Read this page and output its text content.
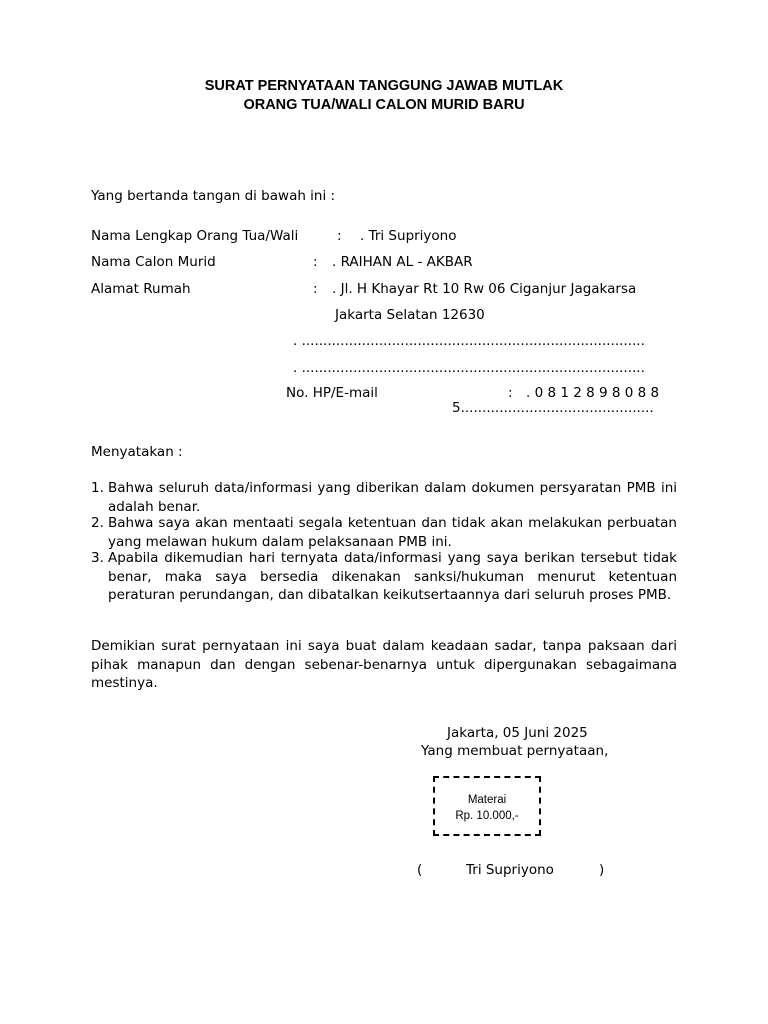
SURAT PERNYATAAN TANGGUNG JAWAB MUTLAK
ORANG TUA/WALI CALON MURID BARU
Yang bertanda tangan di bawah ini :
Nama Lengkap Orang Tua/Wali	: . Tri Supriyono
Nama Calon Murid	: . RAIHAN AL - AKBAR
Alamat Rumah	: . Jl. H Khayar Rt 10 Rw 06 Ciganjur Jagakarsa
Jakarta Selatan 12630
. ................................................................................
. ................................................................................
No. HP/E-mail	: . 0 8 1 2 8 9 8 0 8 8
5.............................................
Menyatakan :
1. Bahwa seluruh data/informasi yang diberikan dalam dokumen persyaratan PMB ini adalah benar.
2. Bahwa saya akan mentaati segala ketentuan dan tidak akan melakukan perbuatan yang melawan hukum dalam pelaksanaan PMB ini.
3. Apabila dikemudian hari ternyata data/informasi yang saya berikan tersebut tidak benar, maka saya bersedia dikenakan sanksi/hukuman menurut ketentuan peraturan perundangan, dan dibatalkan keikutsertaannya dari seluruh proses PMB.
Demikian surat pernyataan ini saya buat dalam keadaan sadar, tanpa paksaan dari pihak manapun dan dengan sebenar-benarnya untuk dipergunakan sebagaimana mestinya.
Jakarta, 05 Juni 2025
Yang membuat pernyataan,
Materai
Rp. 10.000,-
(	Tri Supriyono	)
